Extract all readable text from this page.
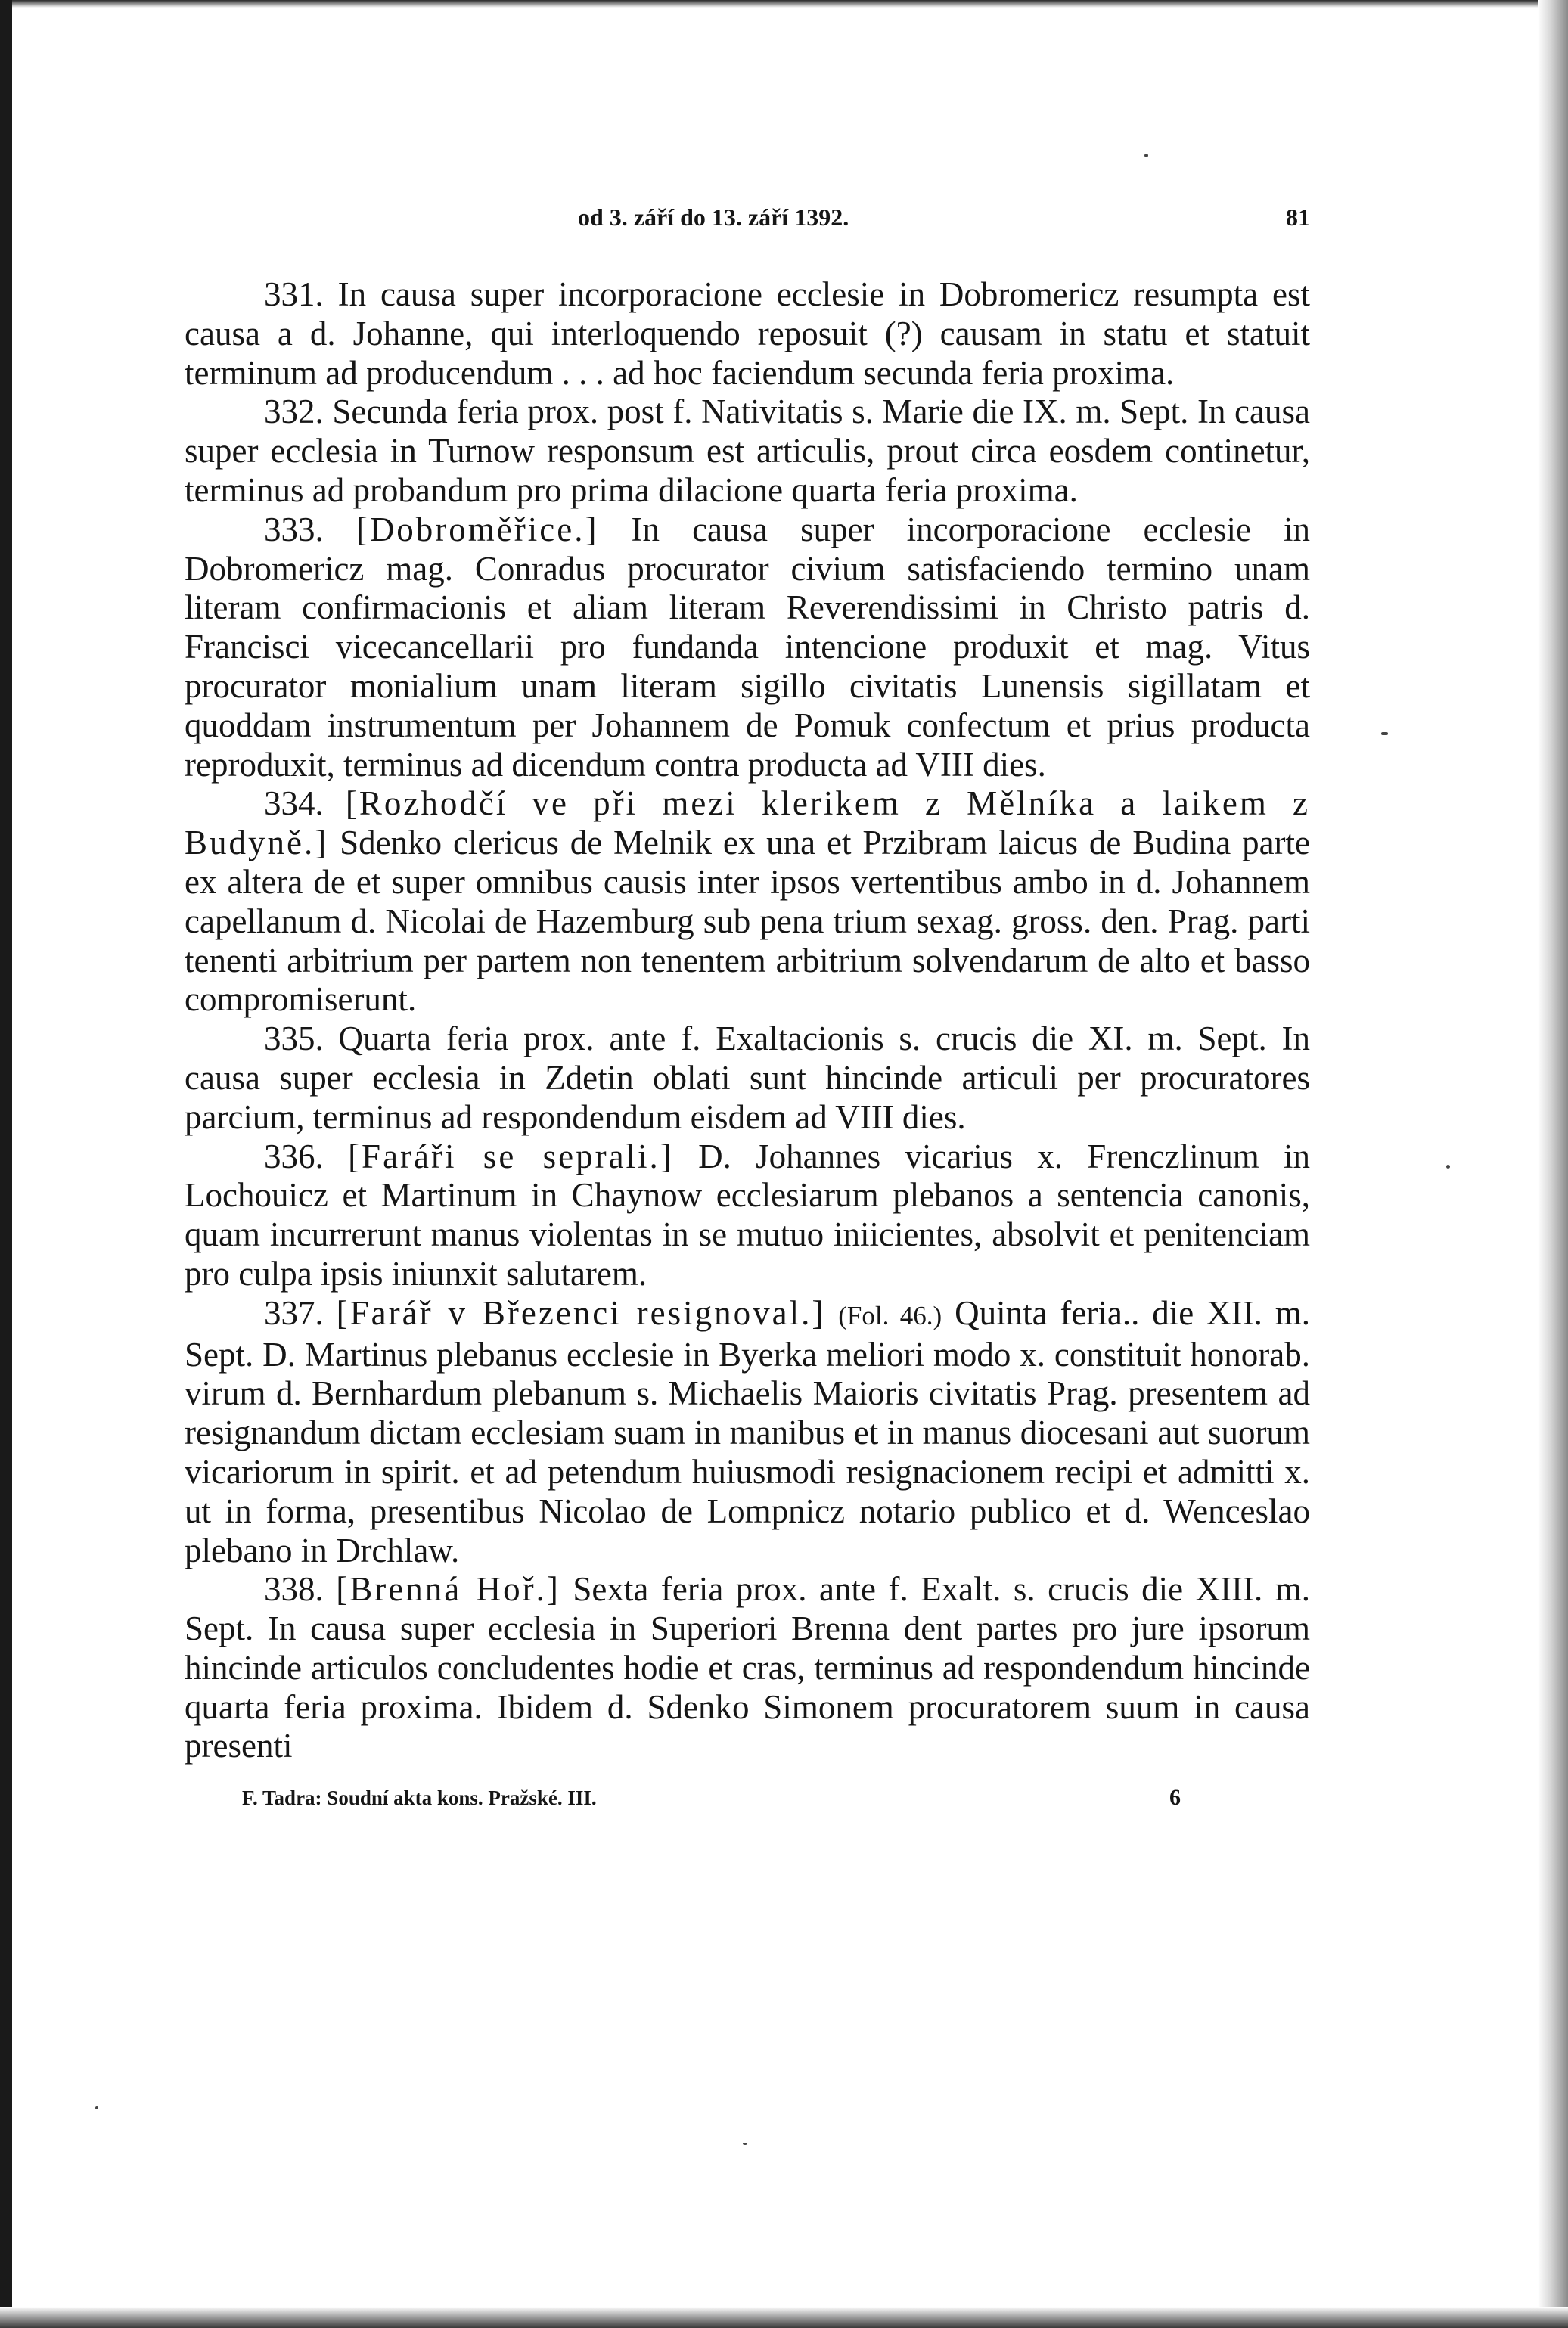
od 3. září do 13. září 1392.	81

331. In causa super incorporacione ecclesie in Dobromericz resumpta est causa a d. Johanne, qui interloquendo reposuit (?) causam in statu et statuit terminum ad producendum . . . ad hoc faciendum secunda feria proxima.

332. Secunda feria prox. post f. Nativitatis s. Marie die IX. m. Sept. In causa super ecclesia in Turnow responsum est articulis, prout circa eosdem continetur, terminus ad probandum pro prima dilacione quarta feria proxima.

333. [Dobroměřice.] In causa super incorporacione ecclesie in Dobromericz mag. Conradus procurator civium satisfaciendo termino unam literam confirmacionis et aliam literam Reverendissimi in Christo patris d. Francisci vicecancellarii pro fundanda intencione produxit et mag. Vitus procurator monialium unam literam sigillo civitatis Lunensis sigillatam et quoddam instrumentum per Johannem de Pomuk confectum et prius producta reproduxit, terminus ad dicendum contra producta ad VIII dies.

334. [Rozhodčí ve při mezi klerikem z Mělníka a laikem z Budyně.] Sdenko clericus de Melnik ex una et Przibram laicus de Budina parte ex altera de et super omnibus causis inter ipsos vertentibus ambo in d. Johannem capellanum d. Nicolai de Hazemburg sub pena trium sexag. gross. den. Prag. parti tenenti arbitrium per partem non tenentem arbitrium solvendarum de alto et basso compromiserunt.

335. Quarta feria prox. ante f. Exaltacionis s. crucis die XI. m. Sept. In causa super ecclesia in Zdetin oblati sunt hincinde articuli per procuratores parcium, terminus ad respondendum eisdem ad VIII dies.

336. [Faráři se seprali.] D. Johannes vicarius x. Frenczlinum in Lochouicz et Martinum in Chaynow ecclesiarum plebanos a sentencia canonis, quam incurrerunt manus violentas in se mutuo iniicientes, absolvit et penitenciam pro culpa ipsis iniunxit salutarem.

337. [Farář v Březenci resignoval.] (Fol. 46.) Quinta feria.. die XII. m. Sept. D. Martinus plebanus ecclesie in Byerka meliori modo x. constituit honorab. virum d. Bernhardum plebanum s. Michaelis Maioris civitatis Prag. presentem ad resignandum dictam ecclesiam suam in manibus et in manus diocesani aut suorum vicariorum in spirit. et ad petendum huiusmodi resignacionem recipi et admitti x. ut in forma, presentibus Nicolao de Lompnicz notario publico et d. Wenceslao plebano in Drchlaw.

338. [Brenná Hoř.] Sexta feria prox. ante f. Exalt. s. crucis die XIII. m. Sept. In causa super ecclesia in Superiori Brenna dent partes pro jure ipsorum hincinde articulos concludentes hodie et cras, terminus ad respondendum hincinde quarta feria proxima. Ibidem d. Sdenko Simonem procuratorem suum in causa presenti

F. Tadra: Soudní akta kons. Pražské. III.	6
